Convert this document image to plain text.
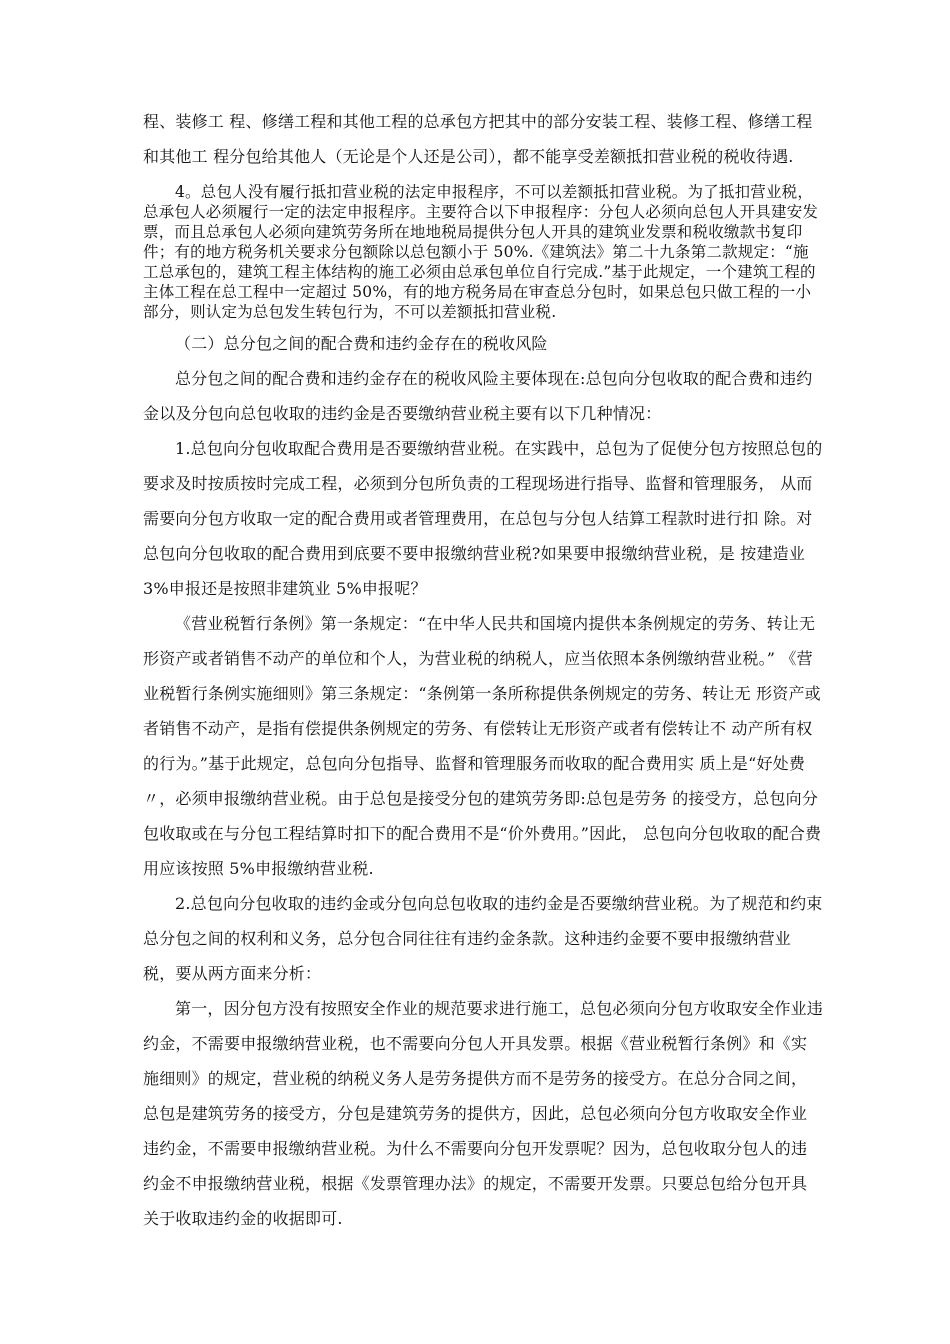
程、装修工 程、修缮工程和其他工程的总承包方把其中的部分安装工程、装修工程、修缮工程和其他工 程分包给其他人（无论是个人还是公司），都不能享受差额抵扣营业税的税收待遇.

4。总包人没有履行抵扣营业税的法定申报程序，不可以差额抵扣营业税。为了抵扣营业税，总承包人必须履行一定的法定申报程序。主要符合以下申报程序：分包人必须向总包人开具建安发票，而且总承包人必须向建筑劳务所在地地税局提供分包人开具的建筑业发票和税收缴款书复印件；有的地方税务机关要求分包额除以总包额小于 50%.《建筑法》第二十九条第二款规定：“施工总承包的，建筑工程主体结构的施工必须由总承包单位自行完成.”基于此规定，一个建筑工程的主体工程在总工程中一定超过 50%，有的地方税务局在审查总分包时，如果总包只做工程的一小部分，则认定为总包发生转包行为，不可以差额抵扣营业税.

（二）总分包之间的配合费和违约金存在的税收风险

总分包之间的配合费和违约金存在的税收风险主要体现在:总包向分包收取的配合费和违约金以及分包向总包收取的违约金是否要缴纳营业税主要有以下几种情况：

1.总包向分包收取配合费用是否要缴纳营业税。在实践中，总包为了促使分包方按照总包的要求及时按质按时完成工程，必须到分包所负责的工程现场进行指导、监督和管理服务， 从而需要向分包方收取一定的配合费用或者管理费用，在总包与分包人结算工程款时进行扣 除。对总包向分包收取的配合费用到底要不要申报缴纳营业税?如果要申报缴纳营业税，是 按建造业 3%申报还是按照非建筑业 5%申报呢？

《营业税暂行条例》第一条规定：“在中华人民共和国境内提供本条例规定的劳务、转让无形资产或者销售不动产的单位和个人，为营业税的纳税人，应当依照本条例缴纳营业税。” 《营业税暂行条例实施细则》第三条规定：“条例第一条所称提供条例规定的劳务、转让无 形资产或者销售不动产，是指有偿提供条例规定的劳务、有偿转让无形资产或者有偿转让不 动产所有权的行为。”基于此规定，总包向分包指导、监督和管理服务而收取的配合费用实 质上是“好处费〃，必须申报缴纳营业税。由于总包是接受分包的建筑劳务即:总包是劳务 的接受方，总包向分包收取或在与分包工程结算时扣下的配合费用不是“价外费用。”因此， 总包向分包收取的配合费用应该按照 5%申报缴纳营业税.

2.总包向分包收取的违约金或分包向总包收取的违约金是否要缴纳营业税。为了规范和约束总分包之间的权利和义务，总分包合同往往有违约金条款。这种违约金要不要申报缴纳营业税，要从两方面来分析：

第一，因分包方没有按照安全作业的规范要求进行施工，总包必须向分包方收取安全作业违约金，不需要申报缴纳营业税，也不需要向分包人开具发票。根据《营业税暂行条例》和《实施细则》的规定，营业税的纳税义务人是劳务提供方而不是劳务的接受方。在总分合同之间，总包是建筑劳务的接受方，分包是建筑劳务的提供方，因此，总包必须向分包方收取安全作业违约金，不需要申报缴纳营业税。为什么不需要向分包开发票呢？因为，总包收取分包人的违约金不申报缴纳营业税，根据《发票管理办法》的规定，不需要开发票。只要总包给分包开具关于收取违约金的收据即可.
